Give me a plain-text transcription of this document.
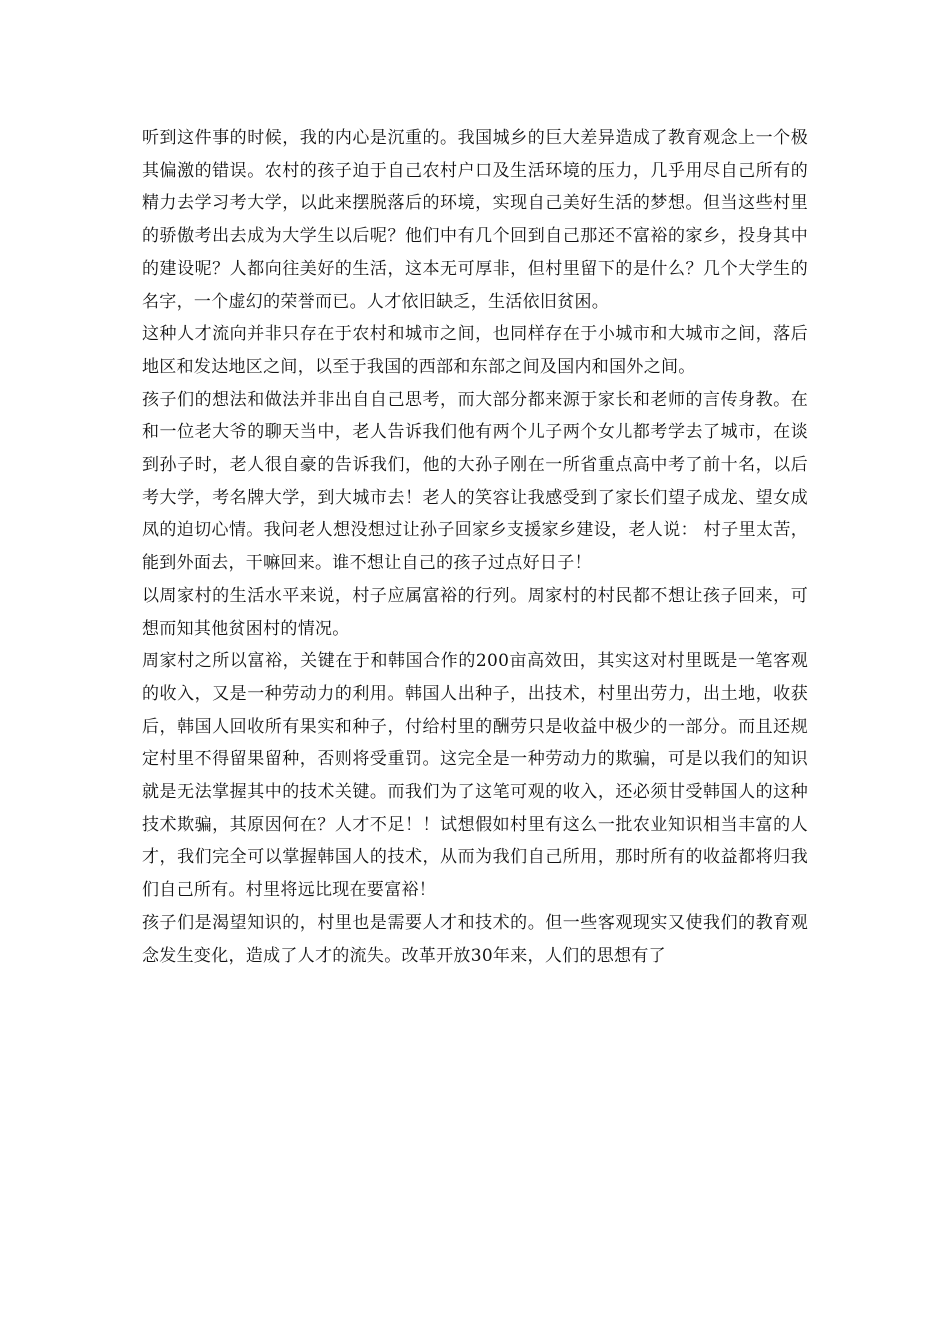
听到这件事的时候，我的内心是沉重的。我国城乡的巨大差异造成了教育观念上一个极其偏激的错误。农村的孩子迫于自己农村户口及生活环境的压力，几乎用尽自己所有的精力去学习考大学，以此来摆脱落后的环境，实现自己美好生活的梦想。但当这些村里的骄傲考出去成为大学生以后呢？他们中有几个回到自己那还不富裕的家乡，投身其中的建设呢？人都向往美好的生活，这本无可厚非，但村里留下的是什么？几个大学生的名字，一个虚幻的荣誉而已。人才依旧缺乏，生活依旧贫困。

这种人才流向并非只存在于农村和城市之间，也同样存在于小城市和大城市之间，落后地区和发达地区之间，以至于我国的西部和东部之间及国内和国外之间。

孩子们的想法和做法并非出自自己思考，而大部分都来源于家长和老师的言传身教。在和一位老大爷的聊天当中，老人告诉我们他有两个儿子两个女儿都考学去了城市，在谈到孙子时，老人很自豪的告诉我们，他的大孙子刚在一所省重点高中考了前十名，以后考大学，考名牌大学，到大城市去！老人的笑容让我感受到了家长们望子成龙、望女成凤的迫切心情。我问老人想没想过让孙子回家乡支援家乡建设，老人说： 村子里太苦，能到外面去，干嘛回来。谁不想让自己的孩子过点好日子！

以周家村的生活水平来说，村子应属富裕的行列。周家村的村民都不想让孩子回来，可想而知其他贫困村的情况。

周家村之所以富裕，关键在于和韩国合作的200亩高效田，其实这对村里既是一笔客观的收入，又是一种劳动力的利用。韩国人出种子，出技术，村里出劳力，出土地，收获后，韩国人回收所有果实和种子，付给村里的酬劳只是收益中极少的一部分。而且还规定村里不得留果留种，否则将受重罚。这完全是一种劳动力的欺骗，可是以我们的知识就是无法掌握其中的技术关键。而我们为了这笔可观的收入，还必须甘受韩国人的这种技术欺骗，其原因何在？人才不足！！试想假如村里有这么一批农业知识相当丰富的人才，我们完全可以掌握韩国人的技术，从而为我们自己所用，那时所有的收益都将归我们自己所有。村里将远比现在要富裕！

孩子们是渴望知识的，村里也是需要人才和技术的。但一些客观现实又使我们的教育观念发生变化，造成了人才的流失。改革开放30年来，人们的思想有了
